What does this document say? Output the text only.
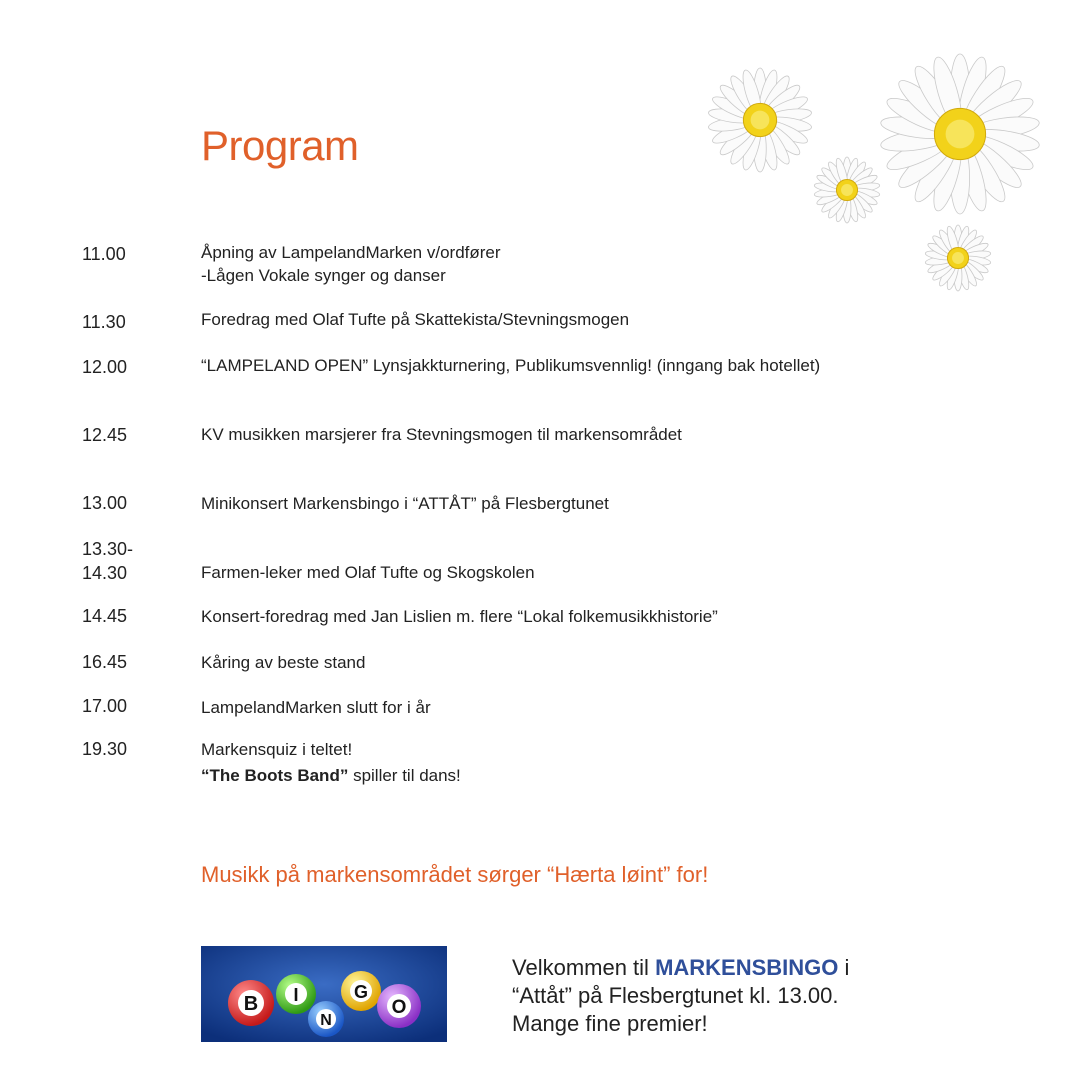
Program
11.00	Åpning av LampelandMarken v/ordfører
-Lågen Vokale synger og danser
11.30	Foredrag med Olaf Tufte på Skattekista/Stevningsmogen
12.00	“LAMPELAND OPEN” Lynsjakkturnering, Publikumsvennlig! (inngang bak hotellet)
12.45	KV musikken marsjerer fra Stevningsmogen til markensområdet
13.00	Minikonsert Markensbingo i “ATTÅT” på Flesbergtunet
13.30-
14.30	Farmen-leker med Olaf Tufte og Skogskolen
14.45	Konsert-foredrag med Jan Lislien m. flere “Lokal folkemusikkhistorie”
16.45	Kåring av beste stand
17.00	LampelandMarken slutt for i år
19.30	Markensquiz i teltet!
“The Boots Band” spiller til dans!
Musikk på markensområdet sørger “Hærta løint” for!
B I
N
G
O
Velkommen til MARKENSBINGO i
“Attåt” på Flesbergtunet kl. 13.00.
Mange fine premier!
